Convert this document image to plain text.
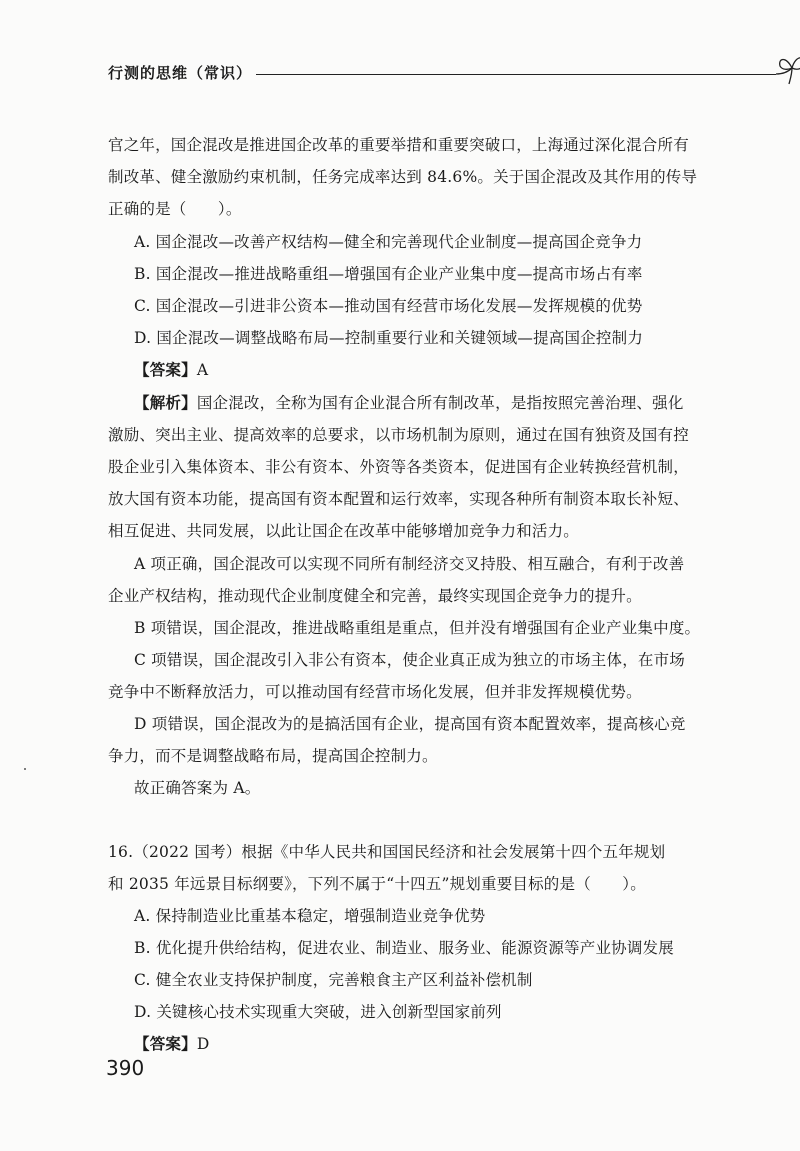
行测的思维（常识）
官之年，国企混改是推进国企改革的重要举措和重要突破口，上海通过深化混合所有
制改革、健全激励约束机制，任务完成率达到 84.6%。关于国企混改及其作用的传导
正确的是（　　）。
A. 国企混改—改善产权结构—健全和完善现代企业制度—提高国企竞争力
B. 国企混改—推进战略重组—增强国有企业产业集中度—提高市场占有率
C. 国企混改—引进非公资本—推动国有经营市场化发展—发挥规模的优势
D. 国企混改—调整战略布局—控制重要行业和关键领域—提高国企控制力
【答案】A
【解析】国企混改，全称为国有企业混合所有制改革，是指按照完善治理、强化
激励、突出主业、提高效率的总要求，以市场机制为原则，通过在国有独资及国有控
股企业引入集体资本、非公有资本、外资等各类资本，促进国有企业转换经营机制，
放大国有资本功能，提高国有资本配置和运行效率，实现各种所有制资本取长补短、
相互促进、共同发展，以此让国企在改革中能够增加竞争力和活力。
A 项正确，国企混改可以实现不同所有制经济交叉持股、相互融合，有利于改善
企业产权结构，推动现代企业制度健全和完善，最终实现国企竞争力的提升。
B 项错误，国企混改，推进战略重组是重点，但并没有增强国有企业产业集中度。
C 项错误，国企混改引入非公有资本，使企业真正成为独立的市场主体，在市场
竞争中不断释放活力，可以推动国有经营市场化发展，但并非发挥规模优势。
D 项错误，国企混改为的是搞活国有企业，提高国有资本配置效率，提高核心竞
争力，而不是调整战略布局，提高国企控制力。
故正确答案为 A。
16.（2022 国考）根据《中华人民共和国国民经济和社会发展第十四个五年规划
和 2035 年远景目标纲要》，下列不属于“十四五”规划重要目标的是（　　）。
A. 保持制造业比重基本稳定，增强制造业竞争优势
B. 优化提升供给结构，促进农业、制造业、服务业、能源资源等产业协调发展
C. 健全农业支持保护制度，完善粮食主产区利益补偿机制
D. 关键核心技术实现重大突破，进入创新型国家前列
【答案】D
390
